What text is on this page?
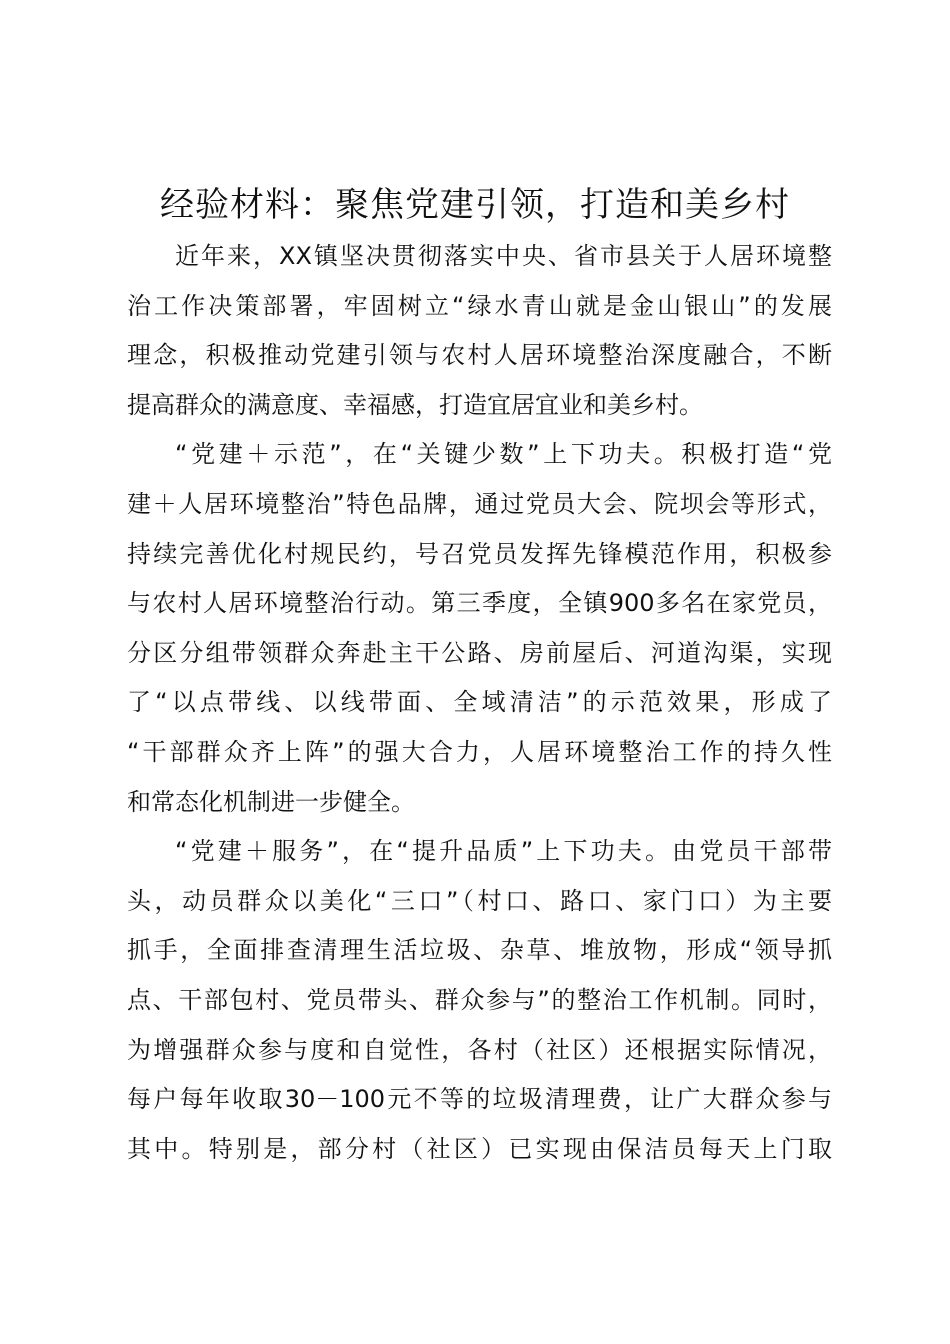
经验材料：聚焦党建引领，打造和美乡村
近年来，XX镇坚决贯彻落实中央、省市县关于人居环境整
治工作决策部署，牢固树立“绿水青山就是金山银山”的发展
理念，积极推动党建引领与农村人居环境整治深度融合，不断
提高群众的满意度、幸福感，打造宜居宜业和美乡村。
“党建＋示范”，在“关键少数”上下功夫。积极打造“党
建＋人居环境整治”特色品牌，通过党员大会、院坝会等形式，
持续完善优化村规民约，号召党员发挥先锋模范作用，积极参
与农村人居环境整治行动。第三季度，全镇900多名在家党员，
分区分组带领群众奔赴主干公路、房前屋后、河道沟渠，实现
了“以点带线、以线带面、全域清洁”的示范效果，形成了
“干部群众齐上阵”的强大合力，人居环境整治工作的持久性
和常态化机制进一步健全。
“党建＋服务”，在“提升品质”上下功夫。由党员干部带
头，动员群众以美化“三口”（村口、路口、家门口）为主要
抓手，全面排查清理生活垃圾、杂草、堆放物，形成“领导抓
点、干部包村、党员带头、群众参与”的整治工作机制。同时，
为增强群众参与度和自觉性，各村（社区）还根据实际情况，
每户每年收取30－100元不等的垃圾清理费，让广大群众参与
其中。特别是，部分村（社区）已实现由保洁员每天上门取
